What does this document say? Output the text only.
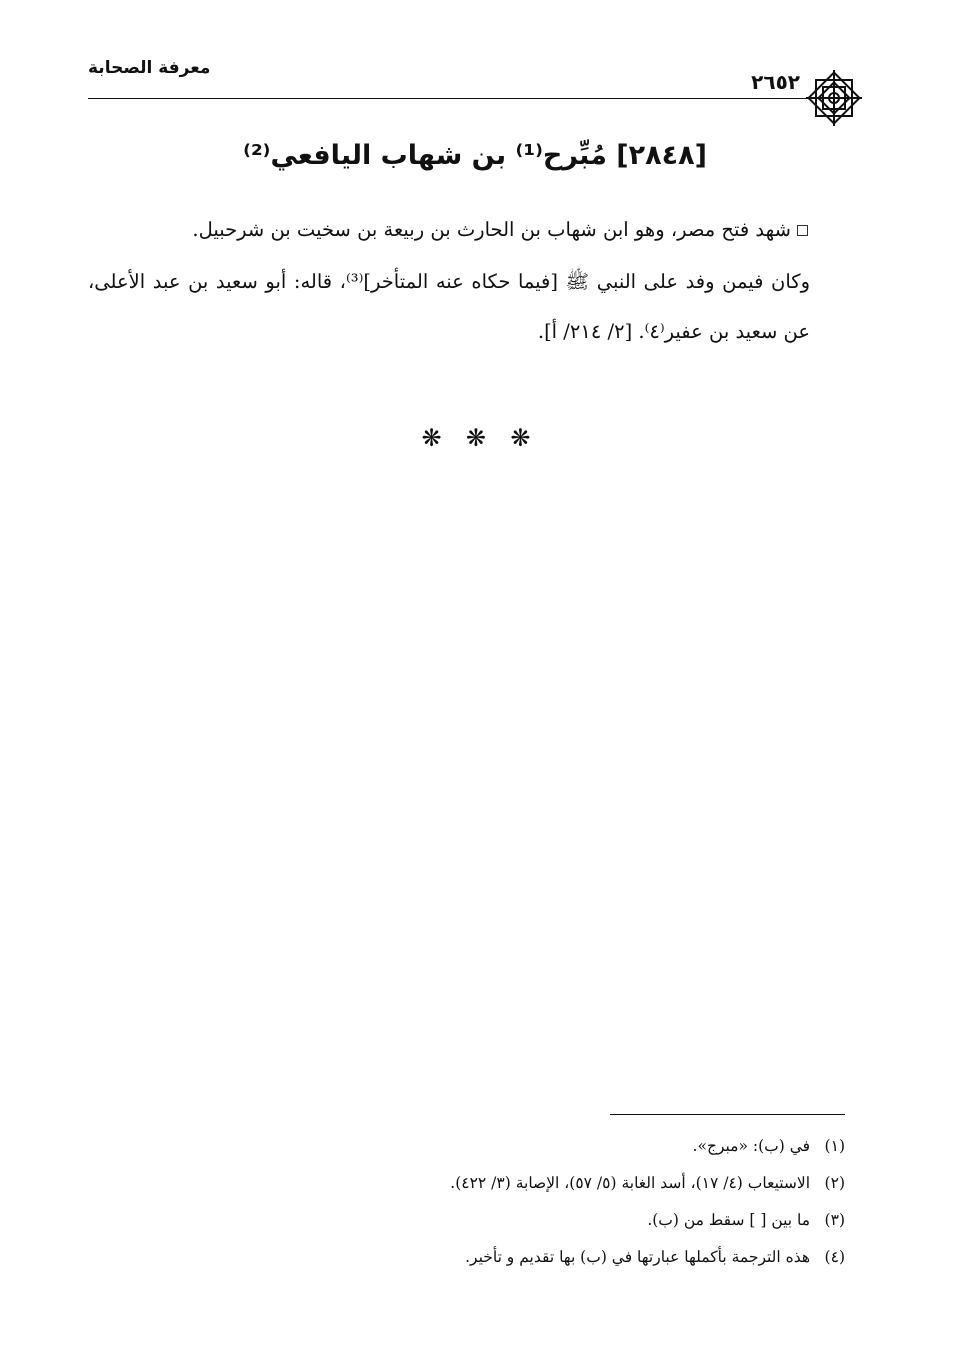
معرفة الصحابة
٢٦٥٢
[٢٨٤٨] مُبِّرح⁽¹⁾ بن شهاب اليافعي⁽²⁾

شهد فتح مصر، وهو ابن شهاب بن الحارث بن ربيعة بن سخيت بن شرحبيل.

وكان فيمن وفد على النبي ﷺ [فيما حكاه عنه المتأخر]⁽³⁾، قاله: أبو سعيد بن عبد الأعلى، عن سعيد بن عفير⁽٤⁾. [٢/ ٢١٤/ أ].

❋ ❋ ❋
(١) في (ب): «مبرج».
(٢) الاستيعاب (٤/ ١٧)، أسد الغابة (٥/ ٥٧)، الإصابة (٣/ ٤٢٢).
(٣) ما بين [ ] سقط من (ب).
(٤) هذه الترجمة بأكملها عبارتها في (ب) بها تقديم و تأخير.
